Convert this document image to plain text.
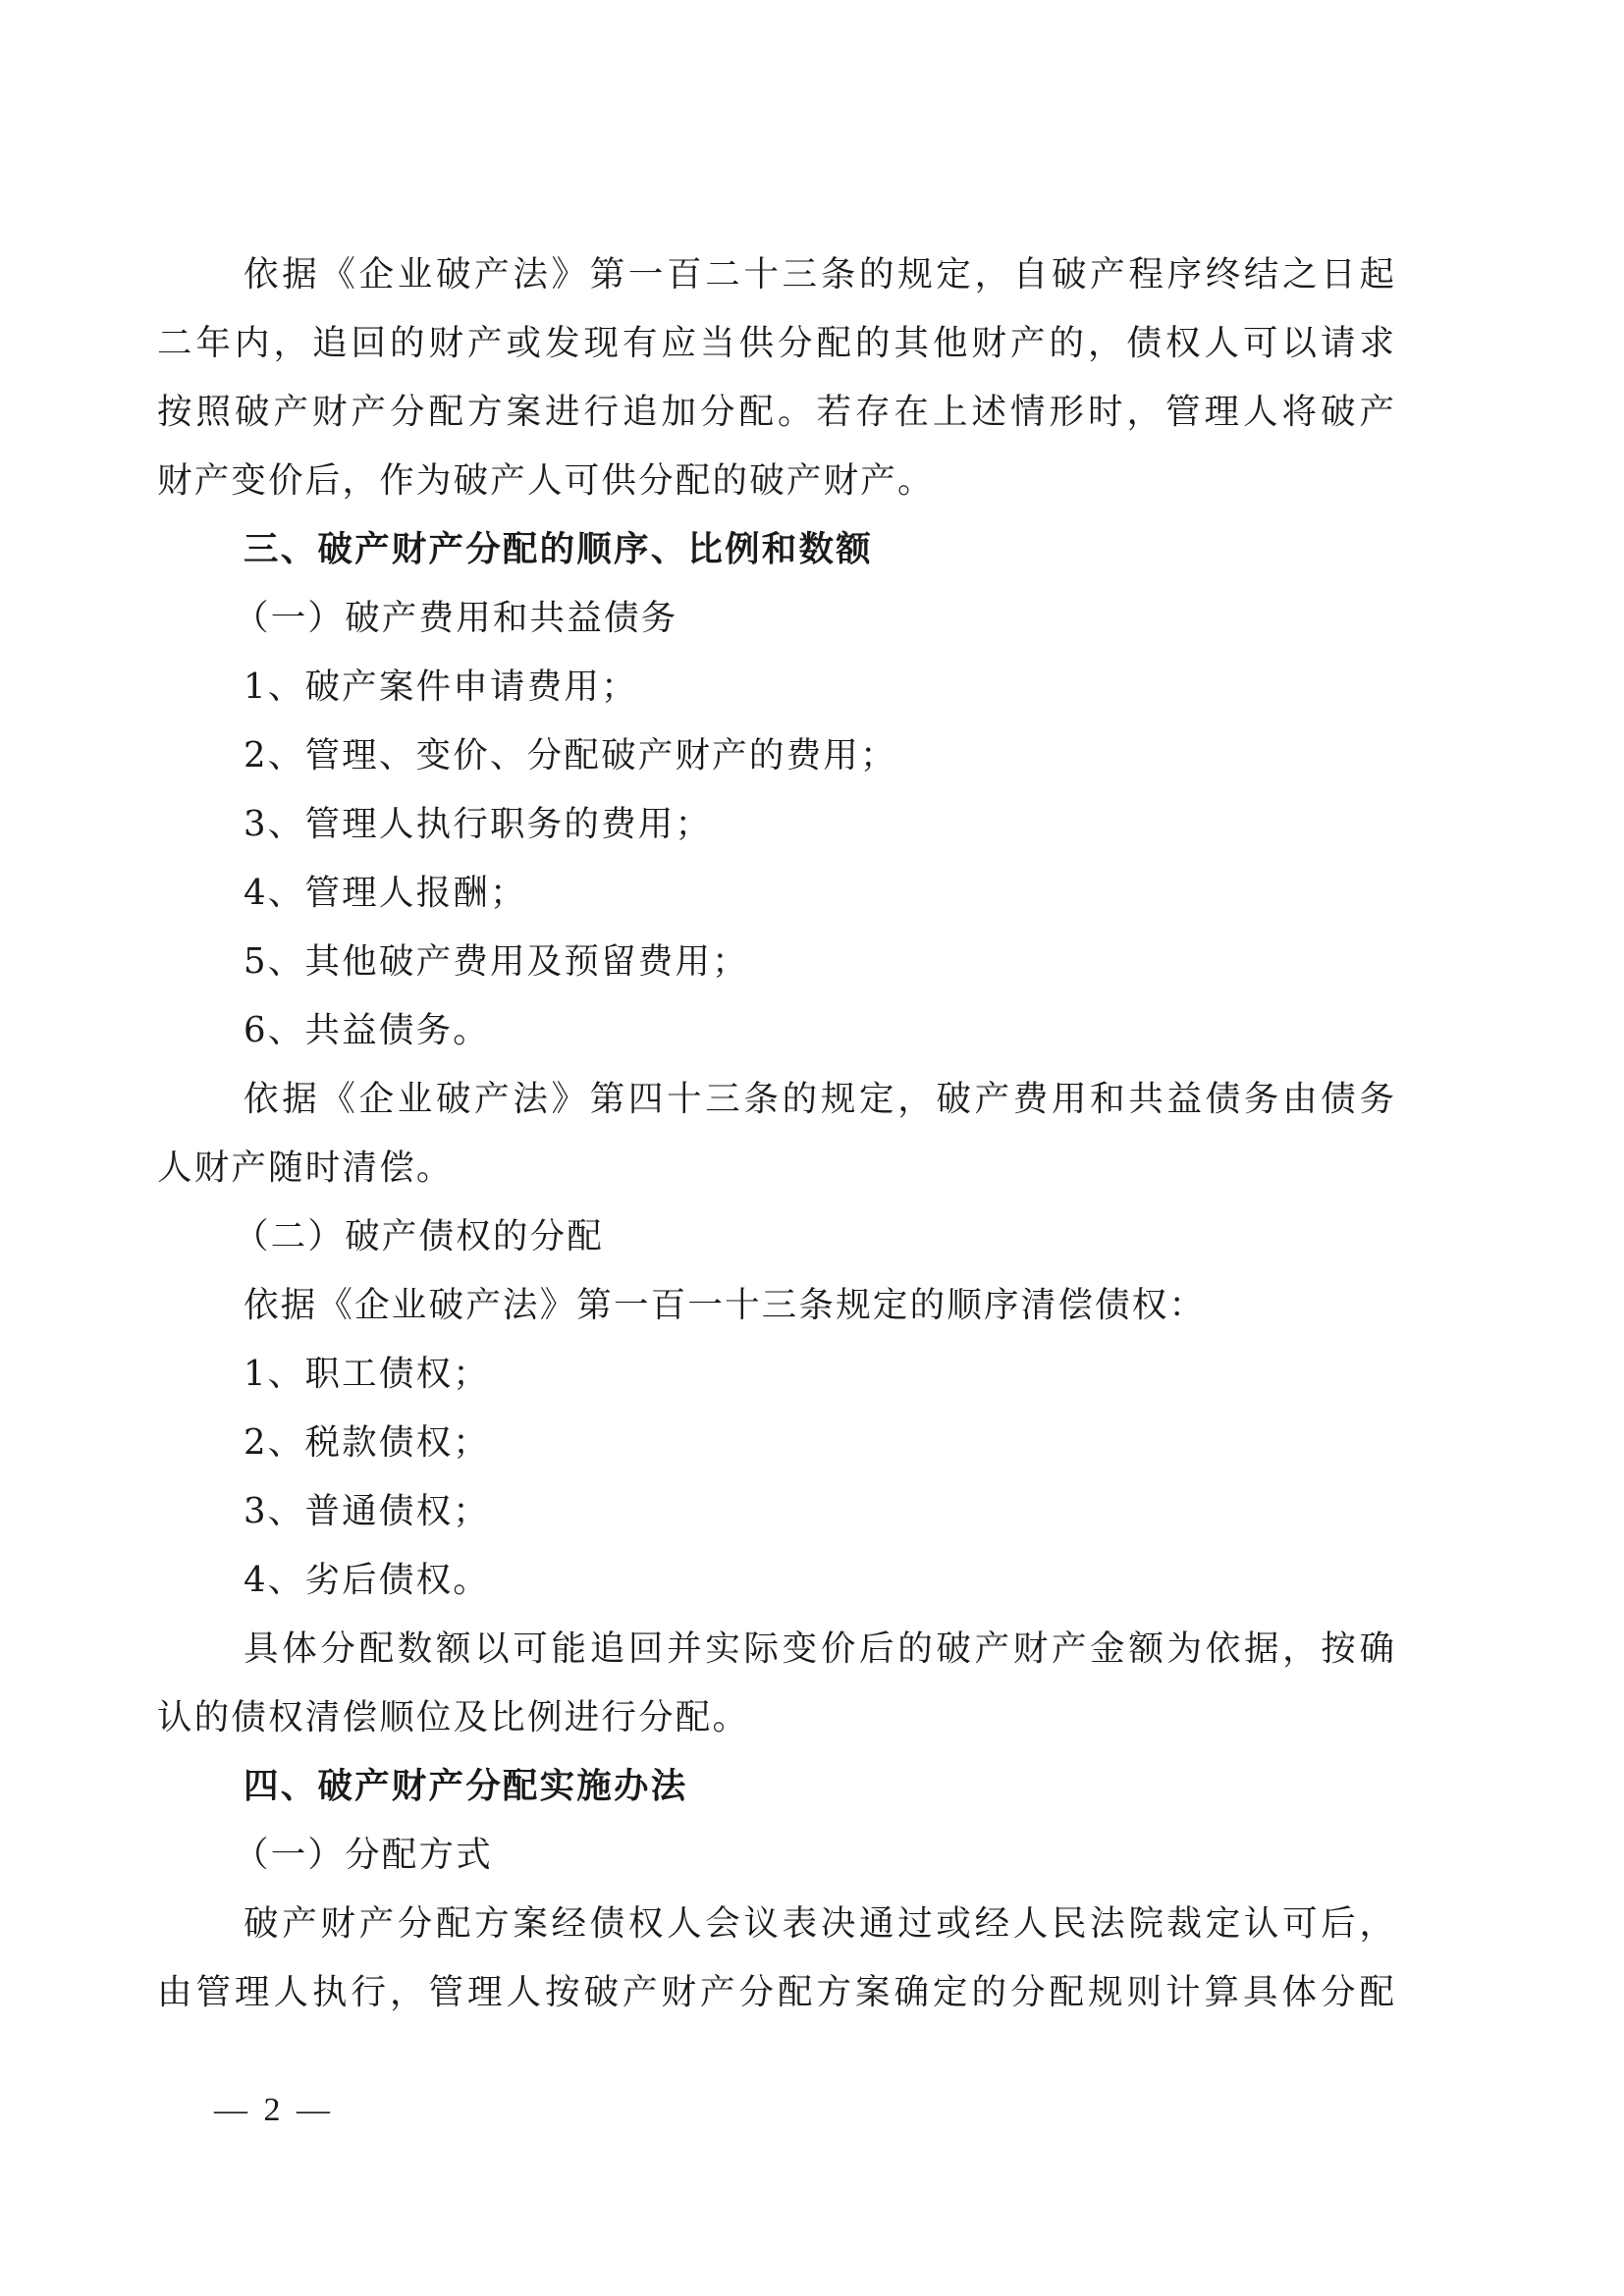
依据《企业破产法》第一百二十三条的规定，自破产程序终结之日起
二年内，追回的财产或发现有应当供分配的其他财产的，债权人可以请求
按照破产财产分配方案进行追加分配。若存在上述情形时，管理人将破产
财产变价后，作为破产人可供分配的破产财产。
三、破产财产分配的顺序、比例和数额
（一）破产费用和共益债务
1、破产案件申请费用；
2、管理、变价、分配破产财产的费用；
3、管理人执行职务的费用；
4、管理人报酬；
5、其他破产费用及预留费用；
6、共益债务。
依据《企业破产法》第四十三条的规定，破产费用和共益债务由债务
人财产随时清偿。
（二）破产债权的分配
依据《企业破产法》第一百一十三条规定的顺序清偿债权：
1、职工债权；
2、税款债权；
3、普通债权；
4、劣后债权。
具体分配数额以可能追回并实际变价后的破产财产金额为依据，按确
认的债权清偿顺位及比例进行分配。
四、破产财产分配实施办法
（一）分配方式
破产财产分配方案经债权人会议表决通过或经人民法院裁定认可后，
由管理人执行，管理人按破产财产分配方案确定的分配规则计算具体分配
— 2 —
